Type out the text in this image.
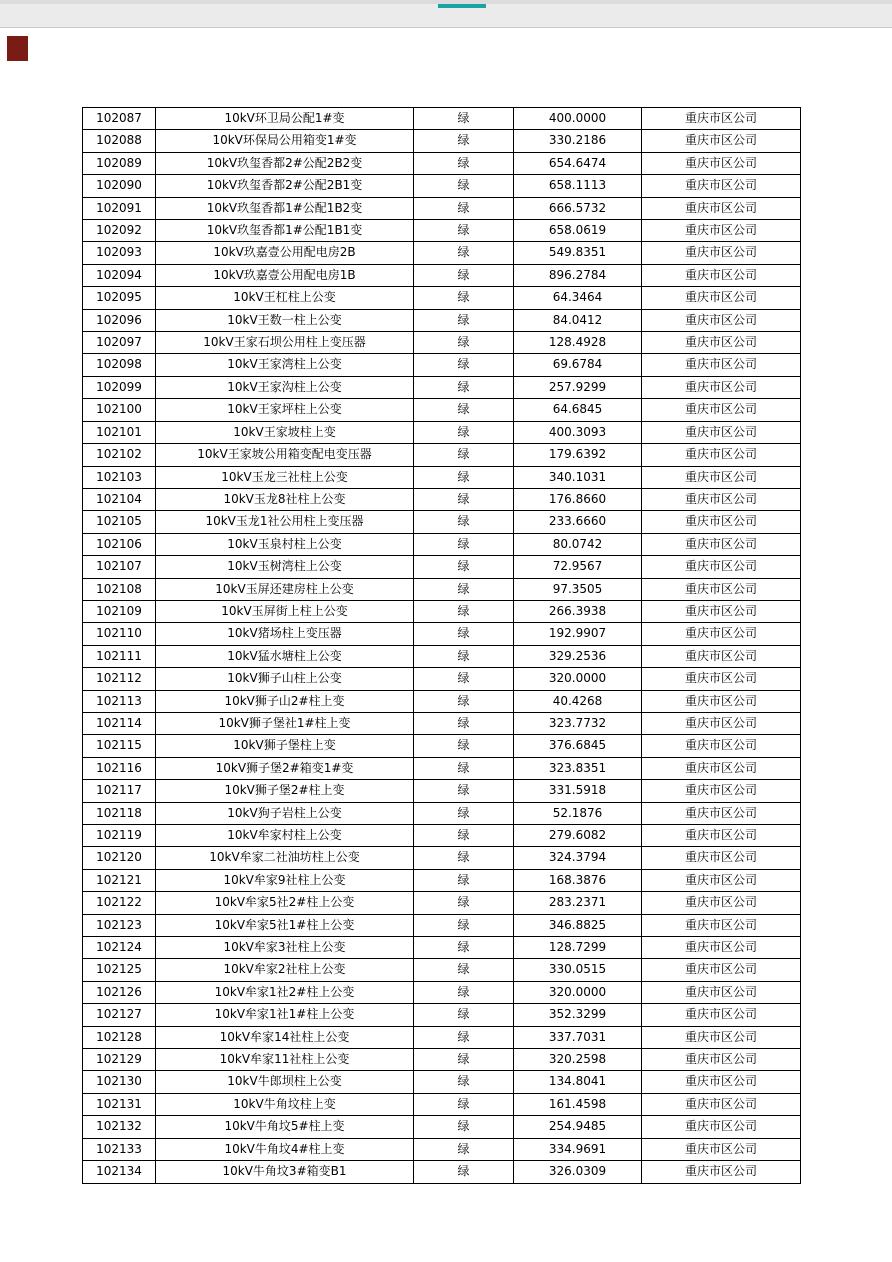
102087	10kV环卫局公配1#变	绿	400.0000	重庆市区公司
102088	10kV环保局公用箱变1#变	绿	330.2186	重庆市区公司
102089	10kV玖玺香都2#公配2B2变	绿	654.6474	重庆市区公司
102090	10kV玖玺香都2#公配2B1变	绿	658.1113	重庆市区公司
102091	10kV玖玺香都1#公配1B2变	绿	666.5732	重庆市区公司
102092	10kV玖玺香都1#公配1B1变	绿	658.0619	重庆市区公司
102093	10kV玖嘉壹公用配电房2B	绿	549.8351	重庆市区公司
102094	10kV玖嘉壹公用配电房1B	绿	896.2784	重庆市区公司
102095	10kV王杠柱上公变	绿	64.3464	重庆市区公司
102096	10kV王数一柱上公变	绿	84.0412	重庆市区公司
102097	10kV王家石坝公用柱上变压器	绿	128.4928	重庆市区公司
102098	10kV王家湾柱上公变	绿	69.6784	重庆市区公司
102099	10kV王家沟柱上公变	绿	257.9299	重庆市区公司
102100	10kV王家坪柱上公变	绿	64.6845	重庆市区公司
102101	10kV王家坡柱上变	绿	400.3093	重庆市区公司
102102	10kV王家坡公用箱变配电变压器	绿	179.6392	重庆市区公司
102103	10kV玉龙三社柱上公变	绿	340.1031	重庆市区公司
102104	10kV玉龙8社柱上公变	绿	176.8660	重庆市区公司
102105	10kV玉龙1社公用柱上变压器	绿	233.6660	重庆市区公司
102106	10kV玉泉村柱上公变	绿	80.0742	重庆市区公司
102107	10kV玉树湾柱上公变	绿	72.9567	重庆市区公司
102108	10kV玉屏还建房柱上公变	绿	97.3505	重庆市区公司
102109	10kV玉屏街上柱上公变	绿	266.3938	重庆市区公司
102110	10kV猪场柱上变压器	绿	192.9907	重庆市区公司
102111	10kV猛水塘柱上公变	绿	329.2536	重庆市区公司
102112	10kV狮子山柱上公变	绿	320.0000	重庆市区公司
102113	10kV狮子山2#柱上变	绿	40.4268	重庆市区公司
102114	10kV狮子堡社1#柱上变	绿	323.7732	重庆市区公司
102115	10kV狮子堡柱上变	绿	376.6845	重庆市区公司
102116	10kV狮子堡2#箱变1#变	绿	323.8351	重庆市区公司
102117	10kV狮子堡2#柱上变	绿	331.5918	重庆市区公司
102118	10kV狗子岩柱上公变	绿	52.1876	重庆市区公司
102119	10kV牟家村柱上公变	绿	279.6082	重庆市区公司
102120	10kV牟家二社油坊柱上公变	绿	324.3794	重庆市区公司
102121	10kV牟家9社柱上公变	绿	168.3876	重庆市区公司
102122	10kV牟家5社2#柱上公变	绿	283.2371	重庆市区公司
102123	10kV牟家5社1#柱上公变	绿	346.8825	重庆市区公司
102124	10kV牟家3社柱上公变	绿	128.7299	重庆市区公司
102125	10kV牟家2社柱上公变	绿	330.0515	重庆市区公司
102126	10kV牟家1社2#柱上公变	绿	320.0000	重庆市区公司
102127	10kV牟家1社1#柱上公变	绿	352.3299	重庆市区公司
102128	10kV牟家14社柱上公变	绿	337.7031	重庆市区公司
102129	10kV牟家11社柱上公变	绿	320.2598	重庆市区公司
102130	10kV牛郎坝柱上公变	绿	134.8041	重庆市区公司
102131	10kV牛角坟柱上变	绿	161.4598	重庆市区公司
102132	10kV牛角坟5#柱上变	绿	254.9485	重庆市区公司
102133	10kV牛角坟4#柱上变	绿	334.9691	重庆市区公司
102134	10kV牛角坟3#箱变B1	绿	326.0309	重庆市区公司
